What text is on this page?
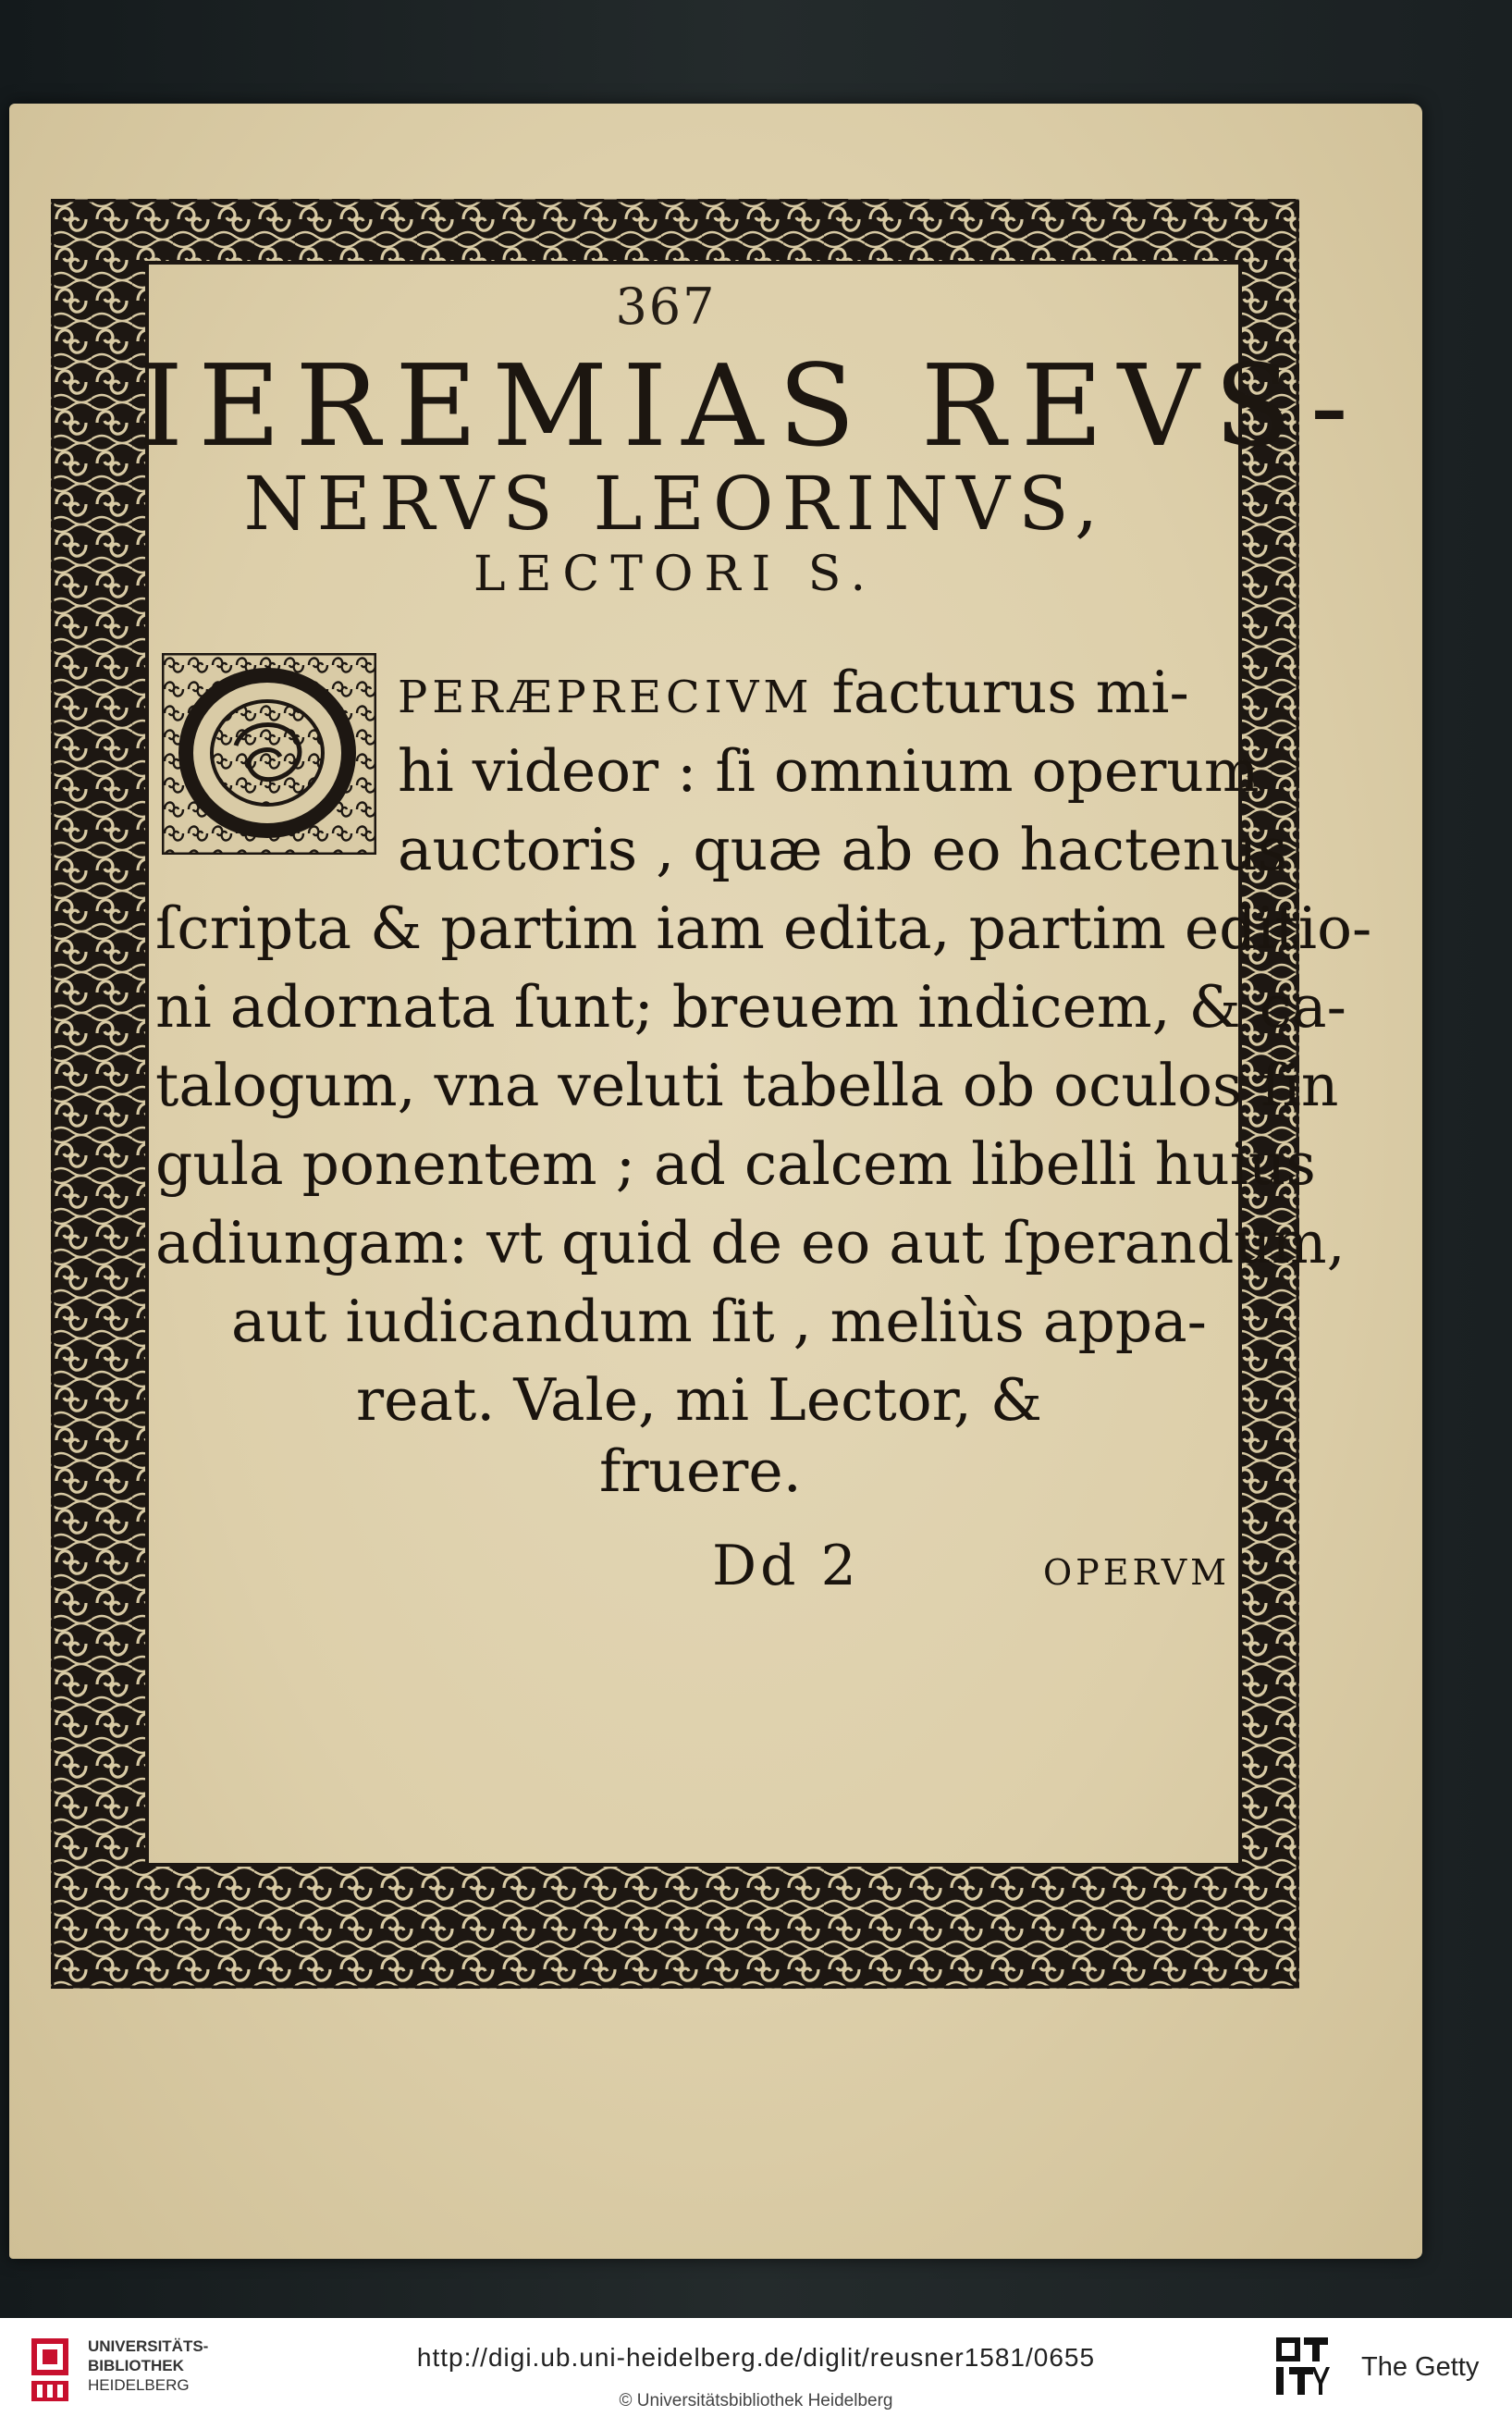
367
IEREMIAS REVS-
NERVS LEORINVS,
LECTORI S.
PERÆPRECIVM facturus mi-
hi videor : ſi omnium operum
auctoris , quæ ab eo hactenus
ſcripta & partim iam edita, partim editio-
ni adornata ſunt; breuem indicem, & ca-
talogum, vna veluti tabella ob oculos ſin
gula ponentem ; ad calcem libelli huius
adiungam: vt quid de eo aut ſperandum,
aut iudicandum ſit , meliùs appa-
reat. Vale, mi Lector, &
fruere.
Dd 2	OPERVM
UNIVERSITÄTS-
BIBLIOTHEK
HEIDELBERG
http://digi.ub.uni-heidelberg.de/diglit/reusner1581/0655
© Universitätsbibliothek Heidelberg
The Getty
